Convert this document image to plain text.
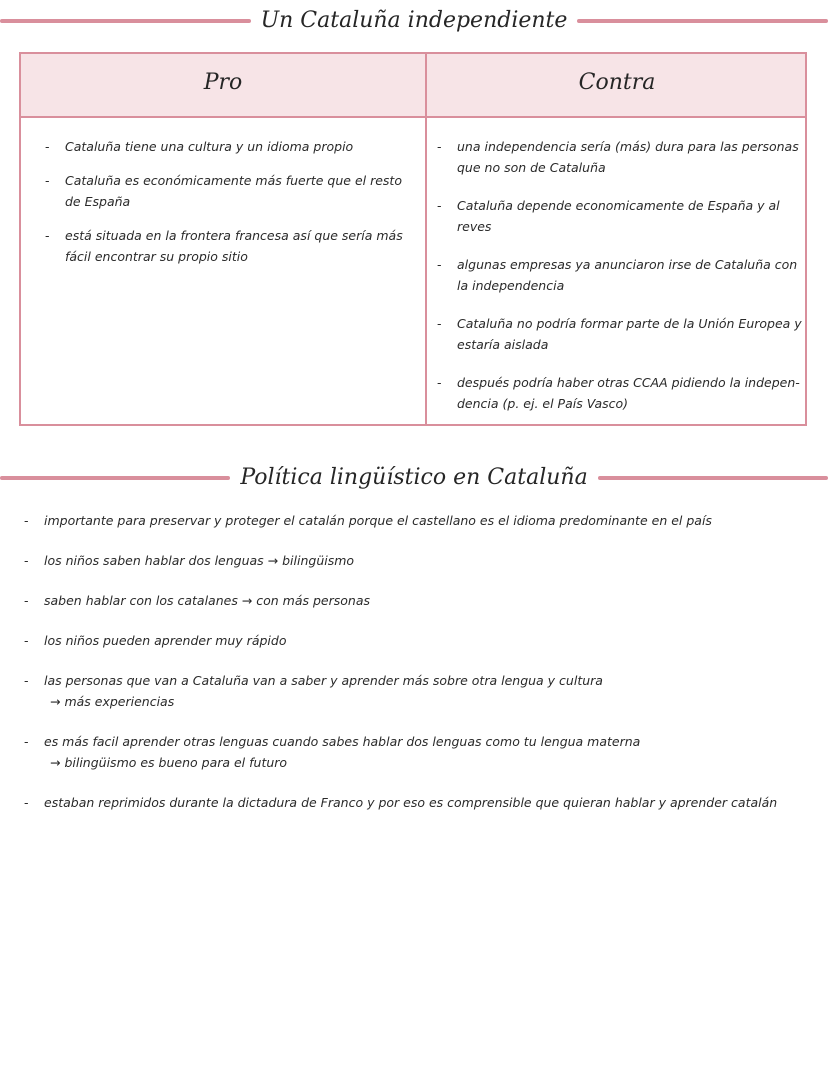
Un Cataluña independiente
Pro	Contra
- Cataluña tiene una cultura y un idioma propio
- Cataluña es económicamente más fuerte que el resto de España
- está situada en la frontera francesa así que sería más fácil encontrar su propio sitio
- una independencia sería (más) dura para las personas que no son de Cataluña
- Cataluña depende economicamente de España y al reves
- algunas empresas ya anunciaron irse de Cataluña con la independencia
- Cataluña no podría formar parte de la Unión Europea y estaría aislada
- después podría haber otras CCAA pidiendo la indepen- dencia (p. ej. el País Vasco)
Política lingüístico en Cataluña
- importante para preservar y proteger el catalán porque el castellano es el idioma predominante en el país
- los niños saben hablar dos lenguas → bilingüismo
- saben hablar con los catalanes → con más personas
- los niños pueden aprender muy rápido
- las personas que van a Cataluña van a saber y aprender más sobre otra lengua y cultura
→ más experiencias
- es más facil aprender otras lenguas cuando sabes hablar dos lenguas como tu lengua materna
→ bilingüismo es bueno para el futuro
- estaban reprimidos durante la dictadura de Franco y por eso es comprensible que quieran hablar y aprender catalán
